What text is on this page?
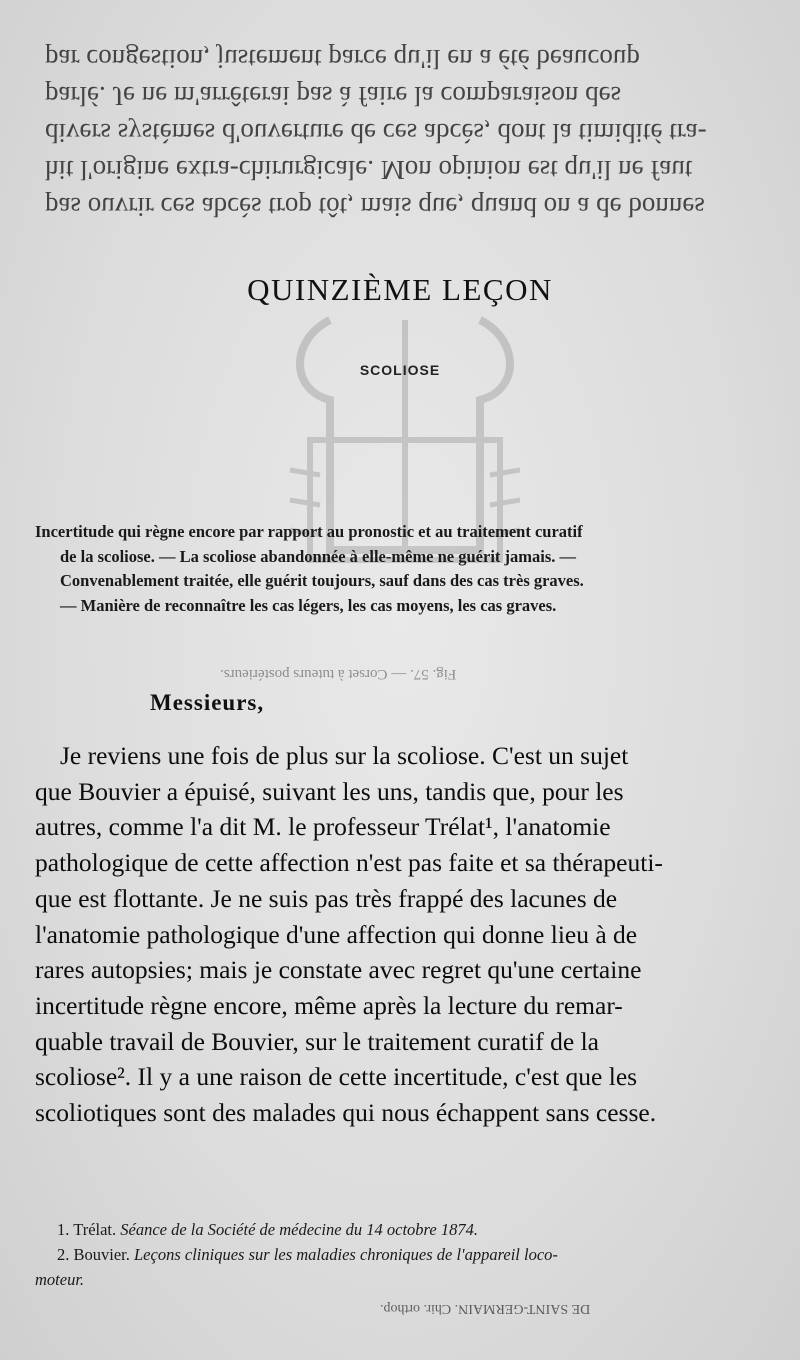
pas ouvrir ces abcès trop tôt, mais que, quand on a de bonnes
hit l'origine extra-chirurgicale. Mon opinion est qu'il ne faut
divers systèmes d'ouverture de ces abcès, dont la timidité tra-
parlé. Je ne m'arrêterai pas à faire la comparaison des
par congestion, justement parce qu'il en a été beaucoup
Fig. 57. — Corset à tuteurs postérieurs.
QUINZIÈME LEÇON
SCOLIOSE
Incertitude qui règne encore par rapport au pronostic et au traitement curatif
de la scoliose. — La scoliose abandonnée à elle-même ne guérit jamais. —
Convenablement traitée, elle guérit toujours, sauf dans des cas très graves.
— Manière de reconnaître les cas légers, les cas moyens, les cas graves.
Messieurs,
Je reviens une fois de plus sur la scoliose. C'est un sujet
que Bouvier a épuisé, suivant les uns, tandis que, pour les
autres, comme l'a dit M. le professeur Trélat¹, l'anatomie
pathologique de cette affection n'est pas faite et sa thérapeuti-
que est flottante. Je ne suis pas très frappé des lacunes de
l'anatomie pathologique d'une affection qui donne lieu à de
rares autopsies; mais je constate avec regret qu'une certaine
incertitude règne encore, même après la lecture du remar-
quable travail de Bouvier, sur le traitement curatif de la
scoliose². Il y a une raison de cette incertitude, c'est que les
scoliotiques sont des malades qui nous échappent sans cesse.
1. Trélat. Séance de la Société de médecine du 14 octobre 1874.
2. Bouvier. Leçons cliniques sur les maladies chroniques de l'appareil loco-
moteur.
DE SAINT-GERMAIN. Chir. orthop.
